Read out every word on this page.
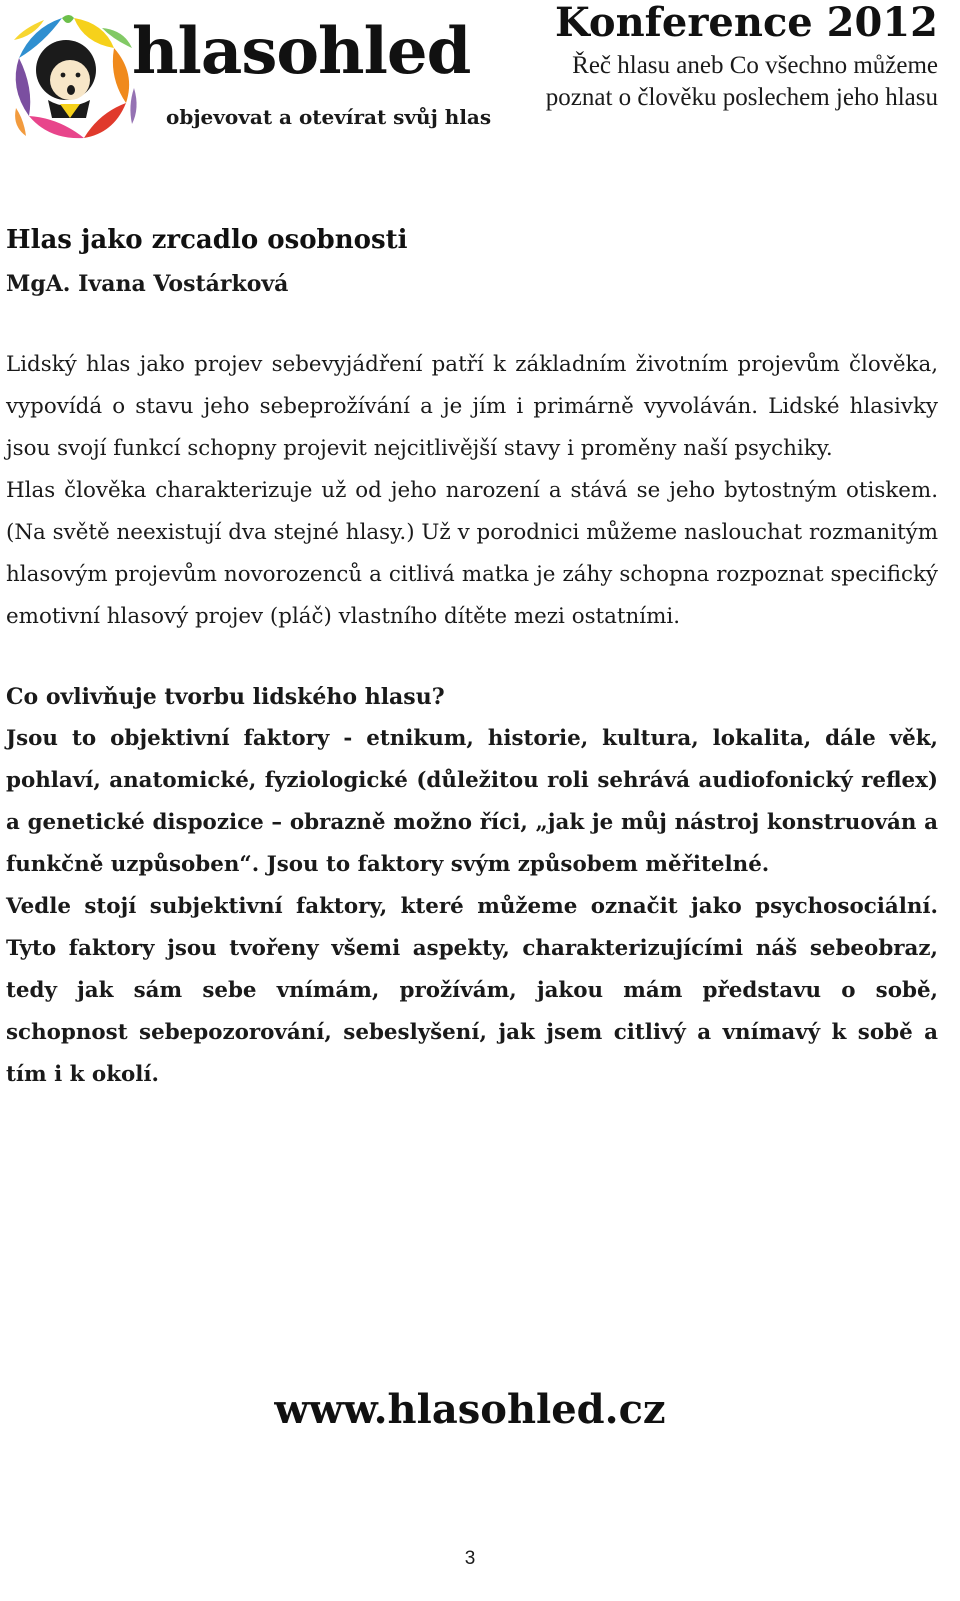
hlasohled
objevovat a otevírat svůj hlas
Konference 2012
Řeč hlasu aneb Co všechno můžeme poznat o člověku poslechem jeho hlasu
Hlas jako zrcadlo osobnosti

MgA. Ivana Vostárková

Lidský hlas jako projev sebevyjádření patří k základním životním projevům člověka, vypovídá o stavu jeho sebeprožívání a je jím i primárně vyvoláván. Lidské hlasivky jsou svojí funkcí schopny projevit nejcitlivější stavy i proměny naší psychiky.

Hlas člověka charakterizuje už od jeho narození a stává se jeho bytostným otiskem. (Na světě neexistují dva stejné hlasy.) Už v porodnici můžeme naslouchat rozmanitým hlasovým projevům novorozenců a citlivá matka je záhy schopna rozpoznat specifický emotivní hlasový projev (pláč) vlastního dítěte mezi ostatními.

Co ovlivňuje tvorbu lidského hlasu?

Jsou to objektivní faktory - etnikum, historie, kultura, lokalita, dále věk, pohlaví, anatomické, fyziologické (důležitou roli sehrává audiofonický reflex) a genetické dispozice – obrazně možno říci, „jak je můj nástroj konstruován a funkčně uzpůsoben“. Jsou to faktory svým způsobem měřitelné.

Vedle stojí subjektivní faktory, které můžeme označit jako psychosociální. Tyto faktory jsou tvořeny všemi aspekty, charakterizujícími náš sebeobraz, tedy jak sám sebe vnímám, prožívám, jakou mám představu o sobě, schopnost sebepozorování, sebeslyšení, jak jsem citlivý a vnímavý k sobě a tím i k okolí.

www.hlasohled.cz
3
